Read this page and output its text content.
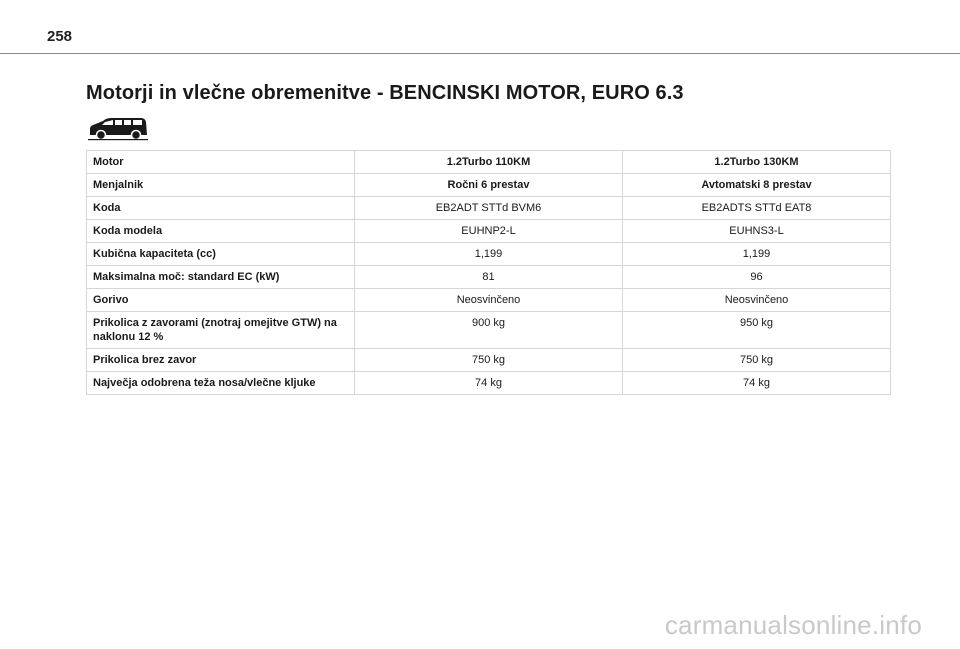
258
Motorji in vlečne obremenitve - BENCINSKI MOTOR, EURO 6.3
Motor	1.2Turbo 110KM	1.2Turbo 130KM
Menjalnik	Ročni 6 prestav	Avtomatski 8 prestav
Koda	EB2ADT STTd BVM6	EB2ADTS STTd EAT8
Koda modela	EUHNP2-L	EUHNS3-L
Kubična kapaciteta (cc)	1,199	1,199
Maksimalna moč: standard EC (kW)	81	96
Gorivo	Neosvinčeno	Neosvinčeno
Prikolica z zavorami (znotraj omejitve GTW) na naklonu 12 %	900 kg	950 kg
Prikolica brez zavor	750 kg	750 kg
Največja odobrena teža nosa/vlečne kljuke	74 kg	74 kg
carmanualsonline.info
